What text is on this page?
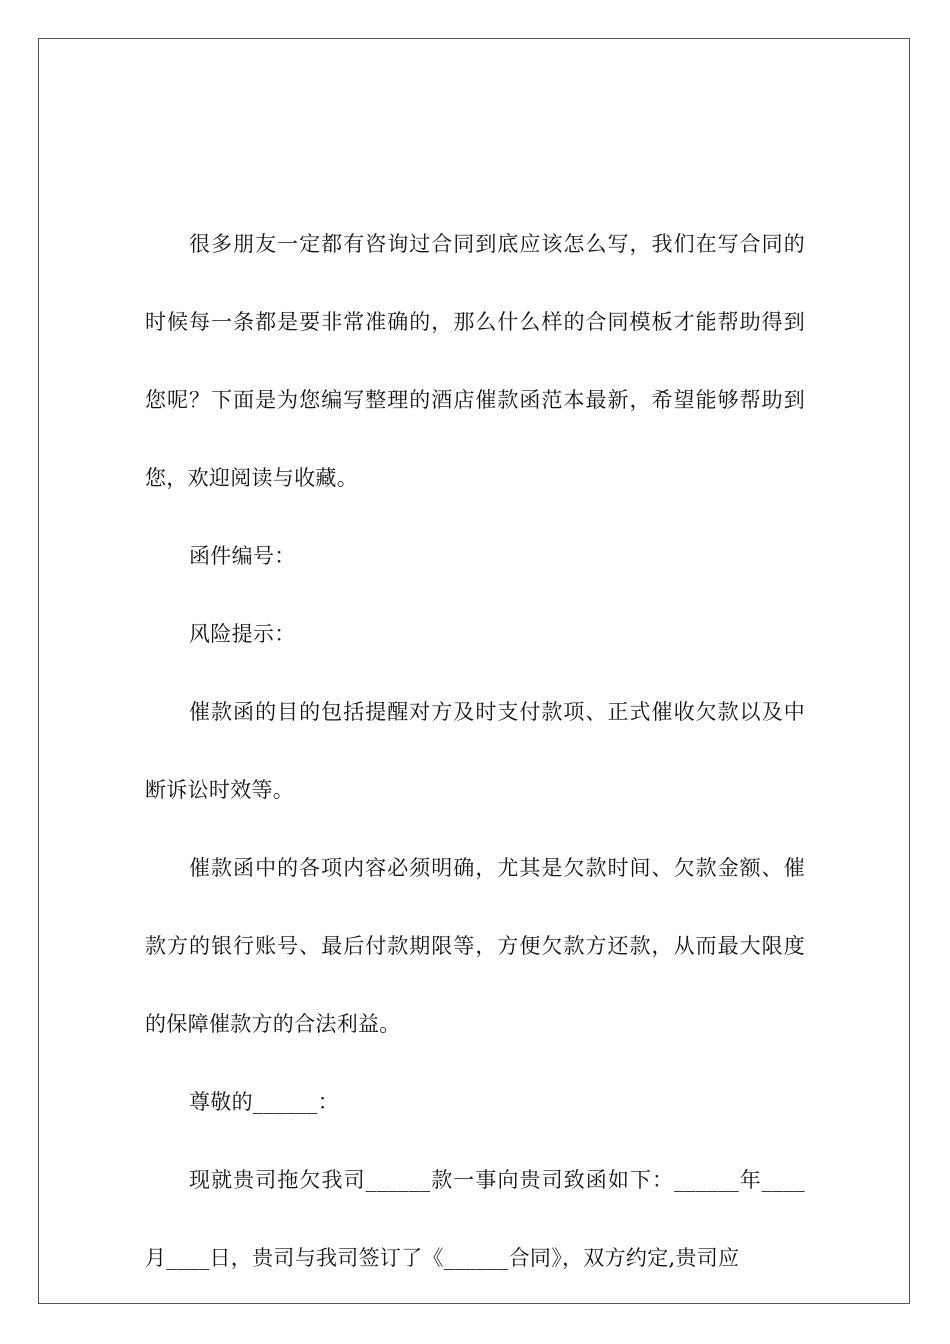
很多朋友一定都有咨询过合同到底应该怎么写，我们在写合同的时候每一条都是要非常准确的，那么什么样的合同模板才能帮助得到您呢？下面是为您编写整理的酒店催款函范本最新，希望能够帮助到您，欢迎阅读与收藏。

函件编号：

风险提示：

催款函的目的包括提醒对方及时支付款项、正式催收欠款以及中断诉讼时效等。

催款函中的各项内容必须明确，尤其是欠款时间、欠款金额、催款方的银行账号、最后付款期限等，方便欠款方还款，从而最大限度的保障催款方的合法利益。

尊敬的______：

现就贵司拖欠我司______款一事向贵司致函如下：______年____月____日，贵司与我司签订了《______合同》，双方约定,贵司应
